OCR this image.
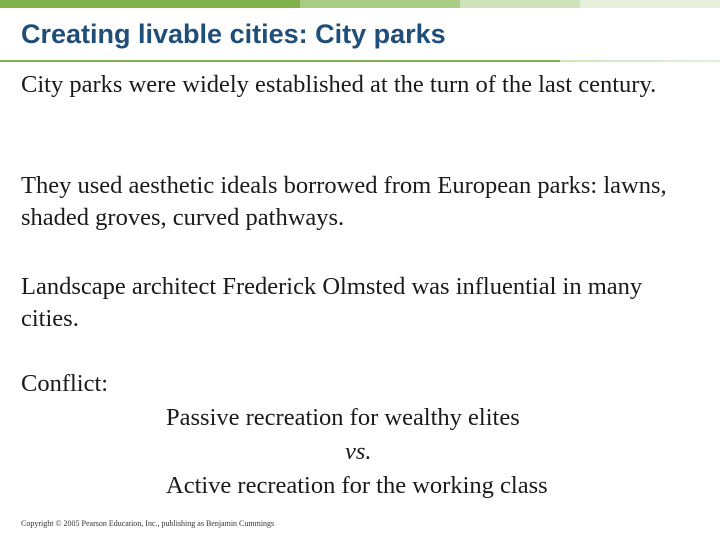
Creating livable cities: City parks

City parks were widely established at the turn of the last century.

They used aesthetic ideals borrowed from European parks: lawns, shaded groves, curved pathways.

Landscape architect Frederick Olmsted was influential in many cities.

Conflict:

Passive recreation for wealthy elites

vs.

Active recreation for the working class

Copyright © 2005 Pearson Education, Inc., publishing as Benjamin Cummings
